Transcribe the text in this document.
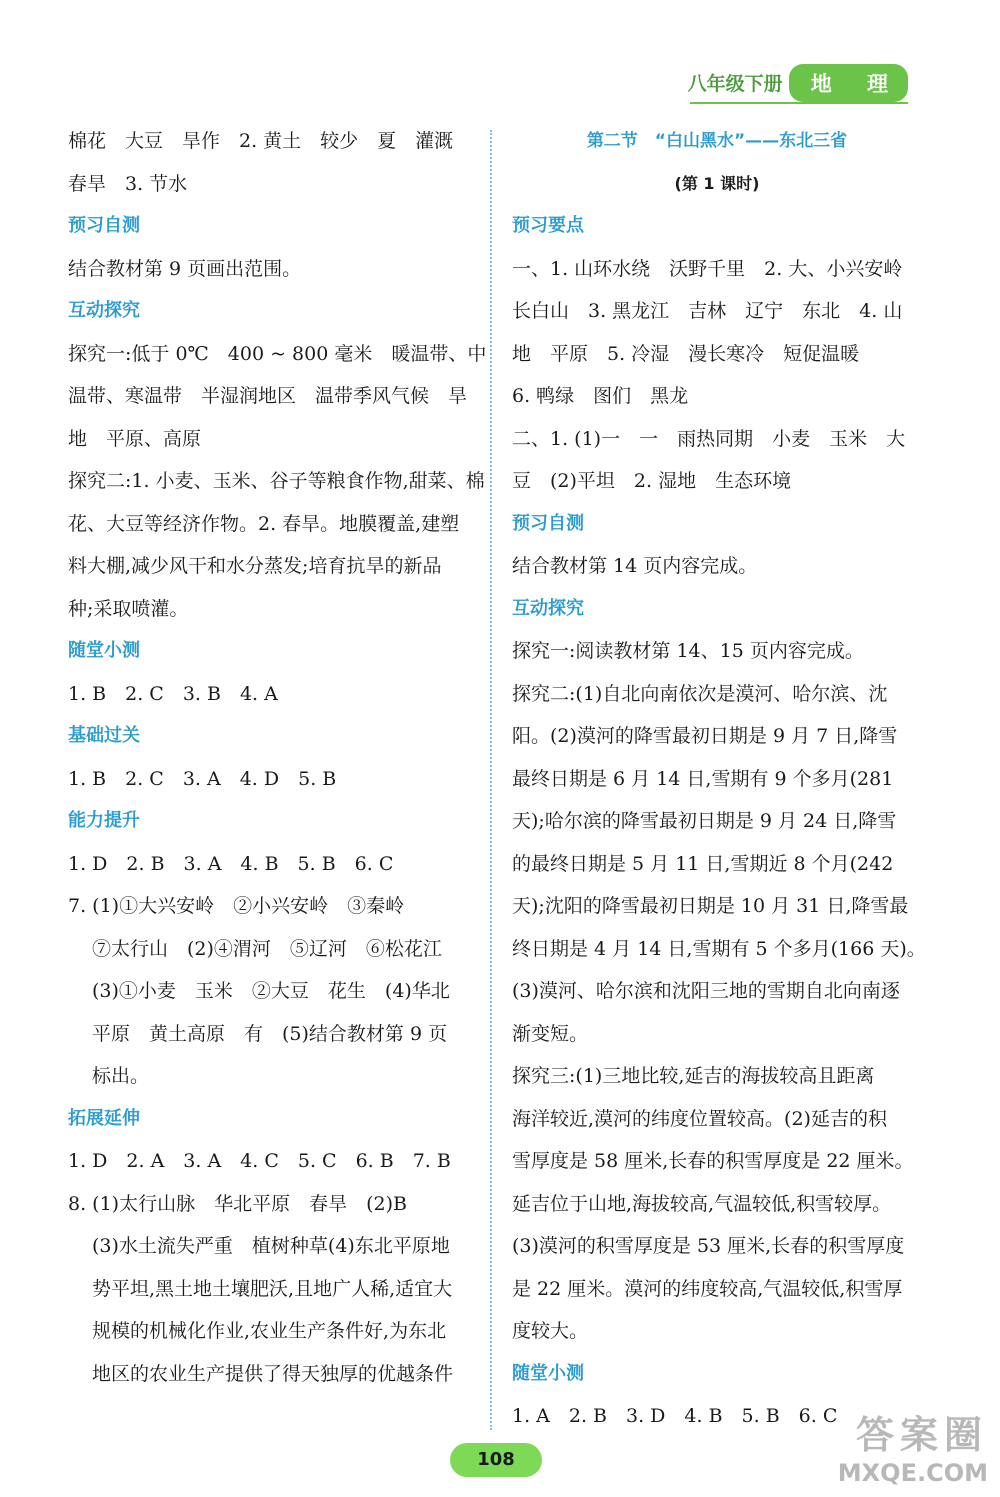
八年级下册	地 理
棉花　大豆　旱作　2. 黄土　较少　夏　灌溉
春旱　3. 节水
预习自测
结合教材第 9 页画出范围。
互动探究
探究一:低于 0℃　400 ~ 800 毫米　暖温带、中
温带、寒温带　半湿润地区　温带季风气候　旱
地　平原、高原
探究二:1. 小麦、玉米、谷子等粮食作物,甜菜、棉
花、大豆等经济作物。2. 春旱。地膜覆盖,建塑
料大棚,减少风干和水分蒸发;培育抗旱的新品
种;采取喷灌。
随堂小测
1. B　2. C　3. B　4. A
基础过关
1. B　2. C　3. A　4. D　5. B
能力提升
1. D　2. B　3. A　4. B　5. B　6. C
7. (1)①大兴安岭　②小兴安岭　③秦岭
⑦太行山　(2)④渭河　⑤辽河　⑥松花江
(3)①小麦　玉米　②大豆　花生　(4)华北
平原　黄土高原　有　(5)结合教材第 9 页
标出。
拓展延伸
1. D　2. A　3. A　4. C　5. C　6. B　7. B
8. (1)太行山脉　华北平原　春旱　(2)B
(3)水土流失严重　植树种草(4)东北平原地
势平坦,黑土地土壤肥沃,且地广人稀,适宜大
规模的机械化作业,农业生产条件好,为东北
地区的农业生产提供了得天独厚的优越条件
第二节　“白山黑水”——东北三省
(第 1 课时)
预习要点
一、1. 山环水绕　沃野千里　2. 大、小兴安岭
长白山　3. 黑龙江　吉林　辽宁　东北　4. 山
地　平原　5. 冷湿　漫长寒冷　短促温暖
6. 鸭绿　图们　黑龙
二、1. (1)一　一　雨热同期　小麦　玉米　大
豆　(2)平坦　2. 湿地　生态环境
预习自测
结合教材第 14 页内容完成。
互动探究
探究一:阅读教材第 14、15 页内容完成。
探究二:(1)自北向南依次是漠河、哈尔滨、沈
阳。(2)漠河的降雪最初日期是 9 月 7 日,降雪
最终日期是 6 月 14 日,雪期有 9 个多月(281
天);哈尔滨的降雪最初日期是 9 月 24 日,降雪
的最终日期是 5 月 11 日,雪期近 8 个月(242
天);沈阳的降雪最初日期是 10 月 31 日,降雪最
终日期是 4 月 14 日,雪期有 5 个多月(166 天)。
(3)漠河、哈尔滨和沈阳三地的雪期自北向南逐
渐变短。
探究三:(1)三地比较,延吉的海拔较高且距离
海洋较近,漠河的纬度位置较高。(2)延吉的积
雪厚度是 58 厘米,长春的积雪厚度是 22 厘米。
延吉位于山地,海拔较高,气温较低,积雪较厚。
(3)漠河的积雪厚度是 53 厘米,长春的积雪厚度
是 22 厘米。漠河的纬度较高,气温较低,积雪厚
度较大。
随堂小测
1. A　2. B　3. D　4. B　5. B　6. C
108
答案圈
MXQE.COM
